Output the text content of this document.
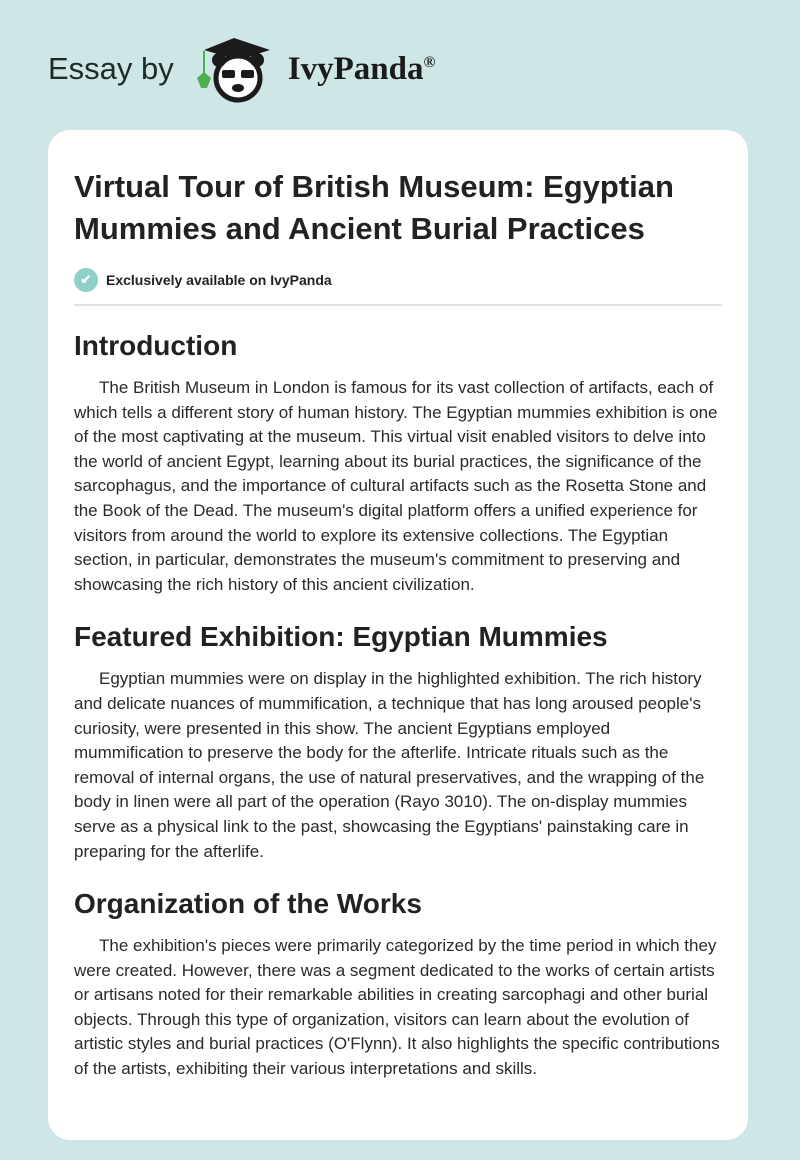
Essay by	IvyPanda®
Virtual Tour of British Museum: Egyptian Mummies and Ancient Burial Practices
✔	Exclusively available on IvyPanda
Introduction

The British Museum in London is famous for its vast collection of artifacts, each of which tells a different story of human history. The Egyptian mummies exhibition is one of the most captivating at the museum. This virtual visit enabled visitors to delve into the world of ancient Egypt, learning about its burial practices, the significance of the sarcophagus, and the importance of cultural artifacts such as the Rosetta Stone and the Book of the Dead. The museum's digital platform offers a unified experience for visitors from around the world to explore its extensive collections. The Egyptian section, in particular, demonstrates the museum's commitment to preserving and showcasing the rich history of this ancient civilization.

Featured Exhibition: Egyptian Mummies

Egyptian mummies were on display in the highlighted exhibition. The rich history and delicate nuances of mummification, a technique that has long aroused people's curiosity, were presented in this show. The ancient Egyptians employed mummification to preserve the body for the afterlife. Intricate rituals such as the removal of internal organs, the use of natural preservatives, and the wrapping of the body in linen were all part of the operation (Rayo 3010). The on-display mummies serve as a physical link to the past, showcasing the Egyptians' painstaking care in preparing for the afterlife.

Organization of the Works

The exhibition's pieces were primarily categorized by the time period in which they were created. However, there was a segment dedicated to the works of certain artists or artisans noted for their remarkable abilities in creating sarcophagi and other burial objects. Through this type of organization, visitors can learn about the evolution of artistic styles and burial practices (O'Flynn). It also highlights the specific contributions of the artists, exhibiting their various interpretations and skills.
